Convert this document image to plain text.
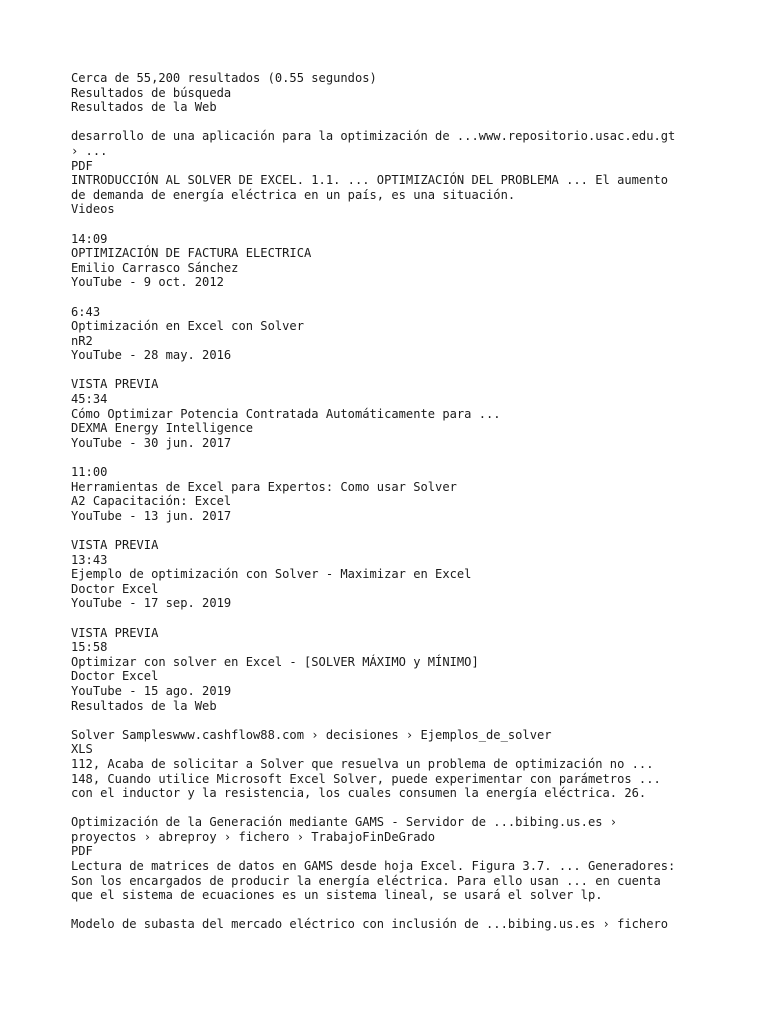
Cerca de 55,200 resultados (0.55 segundos)
Resultados de búsqueda
Resultados de la Web
desarrollo de una aplicación para la optimización de ...www.repositorio.usac.edu.gt
› ...
PDF
INTRODUCCIÓN AL SOLVER DE EXCEL. 1.1. ... OPTIMIZACIÓN DEL PROBLEMA ... El aumento
de demanda de energía eléctrica en un país, es una situación.
Videos
14:09
OPTIMIZACIÓN DE FACTURA ELECTRICA
Emilio Carrasco Sánchez
YouTube - 9 oct. 2012
6:43
Optimización en Excel con Solver
nR2
YouTube - 28 may. 2016
VISTA PREVIA
45:34
Cómo Optimizar Potencia Contratada Automáticamente para ...
DEXMA Energy Intelligence
YouTube - 30 jun. 2017
11:00
Herramientas de Excel para Expertos: Como usar Solver
A2 Capacitación: Excel
YouTube - 13 jun. 2017
VISTA PREVIA
13:43
Ejemplo de optimización con Solver - Maximizar en Excel
Doctor Excel
YouTube - 17 sep. 2019
VISTA PREVIA
15:58
Optimizar con solver en Excel - [SOLVER MÁXIMO y MÍNIMO]
Doctor Excel
YouTube - 15 ago. 2019
Resultados de la Web
Solver Sampleswww.cashflow88.com › decisiones › Ejemplos_de_solver
XLS
112, Acaba de solicitar a Solver que resuelva un problema de optimización no ...
148, Cuando utilice Microsoft Excel Solver, puede experimentar con parámetros ...
con el inductor y la resistencia, los cuales consumen la energía eléctrica. 26.
Optimización de la Generación mediante GAMS - Servidor de ...bibing.us.es ›
proyectos › abreproy › fichero › TrabajoFinDeGrado
PDF
Lectura de matrices de datos en GAMS desde hoja Excel. Figura 3.7. ... Generadores:
Son los encargados de producir la energía eléctrica. Para ello usan ... en cuenta
que el sistema de ecuaciones es un sistema lineal, se usará el solver lp.
Modelo de subasta del mercado eléctrico con inclusión de ...bibing.us.es › fichero
